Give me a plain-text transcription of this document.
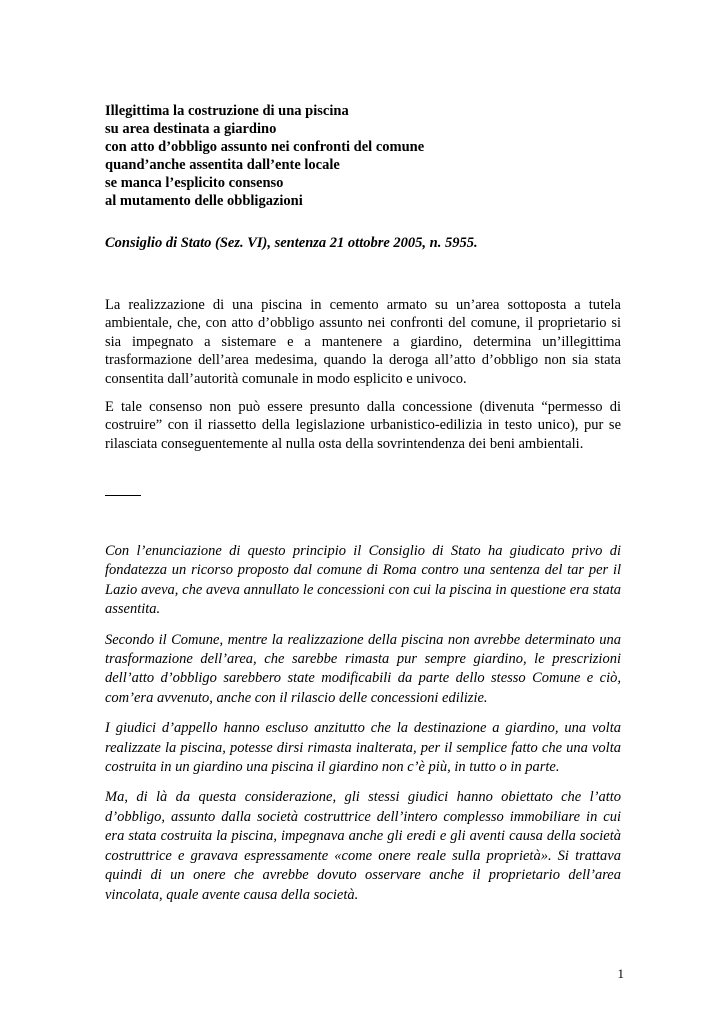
Illegittima la costruzione di una piscina
su area destinata a giardino
con atto d’obbligo assunto nei confronti del comune
quand’anche assentita dall’ente locale
se manca l’esplicito consenso
al mutamento delle obbligazioni
Consiglio di Stato (Sez. VI), sentenza 21 ottobre 2005, n. 5955.

La realizzazione di una piscina in cemento armato su un’area sottoposta a tutela ambientale, che, con atto d’obbligo assunto nei confronti del comune, il proprietario si sia impegnato a sistemare e a mantenere a giardino, determina un’illegittima trasformazione dell’area medesima, quando la deroga all’atto d’obbligo non sia stata consentita dall’autorità comunale in modo esplicito e univoco.

E tale consenso non può essere presunto dalla concessione (divenuta “permesso di costruire” con il riassetto della legislazione urbanistico-edilizia in testo unico), pur se rilasciata conseguentemente al nulla osta della sovrintendenza dei beni ambientali.

Con l’enunciazione di questo principio il Consiglio di Stato ha giudicato privo di fondatezza un ricorso proposto dal comune di Roma contro una sentenza del tar per il Lazio aveva, che aveva annullato le concessioni con cui la piscina in questione era stata assentita.

Secondo il Comune, mentre la realizzazione della piscina non avrebbe determinato una trasformazione dell’area, che sarebbe rimasta pur sempre giardino, le prescrizioni dell’atto d’obbligo sarebbero state modificabili da parte dello stesso Comune e ciò, com’era avvenuto, anche con il rilascio delle concessioni edilizie.

I giudici d’appello hanno escluso anzitutto che la destinazione a giardino, una volta realizzate la piscina, potesse dirsi rimasta inalterata, per il semplice fatto che una volta costruita in un giardino una piscina il giardino non c’è più, in tutto o in parte.

Ma, di là da questa considerazione, gli stessi giudici hanno obiettato che l’atto d’obbligo, assunto dalla società costruttrice dell’intero complesso immobiliare in cui era stata costruita la piscina, impegnava anche gli eredi e gli aventi causa della società costruttrice e gravava espressamente «come onere reale sulla proprietà». Si trattava quindi di un onere che avrebbe dovuto osservare anche il proprietario dell’area vincolata, quale avente causa della società.

1
